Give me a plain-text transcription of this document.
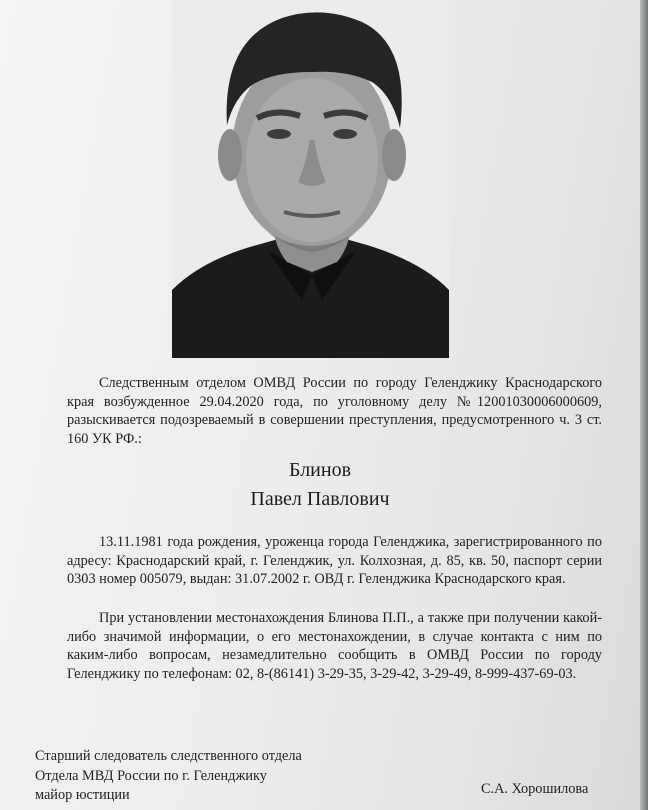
Следственным отделом ОМВД России по городу Геленджику Краснодарского края возбужденное 29.04.2020 года, по уголовному делу №12001030006000609, разыскивается подозреваемый в совершении преступления, предусмотренного ч. 3 ст. 160 УК РФ.:

Блинов

Павел Павлович

13.11.1981 года рождения, уроженца города Геленджика, зарегистрированного по адресу: Краснодарский край, г. Геленджик, ул. Колхозная, д. 85, кв. 50, паспорт серии 0303 номер 005079, выдан: 31.07.2002 г. ОВД г. Геленджика Краснодарского края.

При установлении местонахождения Блинова П.П., а также при получении какой-либо значимой информации, о его местонахождении, в случае контакта с ним по каким-либо вопросам, незамедлительно сообщить в ОМВД России по городу Геленджику по телефонам: 02, 8-(86141) 3-29-35, 3-29-42, 3-29-49, 8-999-437-69-03.

Старший следователь следственного отдела
Отдела МВД России по г. Геленджику
майор юстиции	С.А. Хорошилова
